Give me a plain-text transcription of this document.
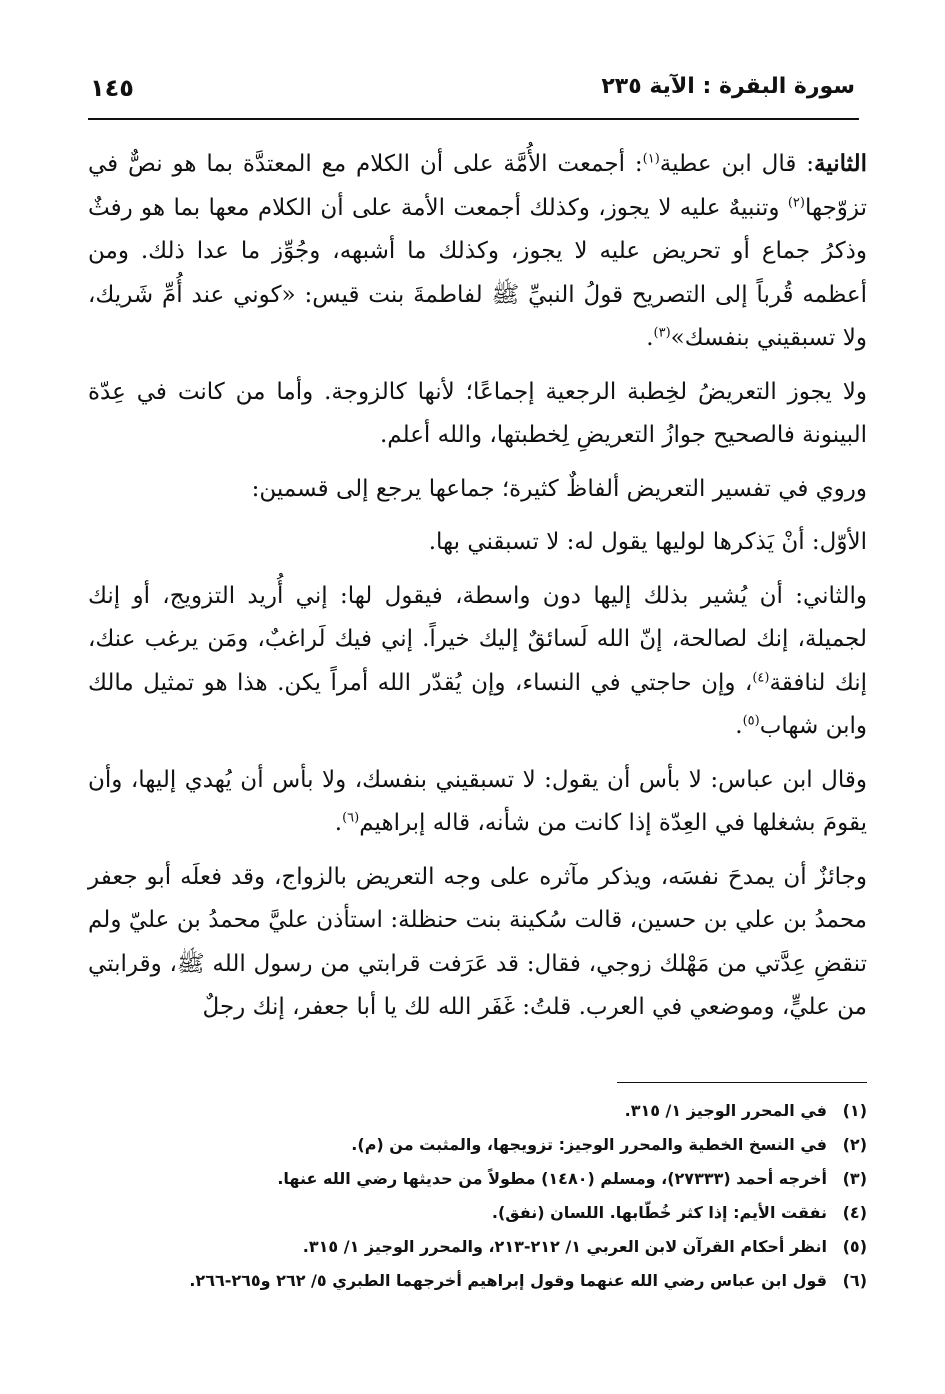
سورة البقرة : الآية ٢٣٥
١٤٥

الثانية: قال ابن عطية$^{(١)}$: أجمعت الأُمَّة على أن الكلام مع المعتدَّة بما هو نصٌّ في تزوّجها$^{(٢)}$ وتنبيهٌ عليه لا يجوز، وكذلك أجمعت الأمة على أن الكلام معها بما هو رفثٌ وذكرُ جماع أو تحريض عليه لا يجوز، وكذلك ما أشبهه، وجُوِّز ما عدا ذلك. ومن أعظمه قُرباً إلى التصريح قولُ النبيِّ ﷺ لفاطمةَ بنت قيس: «كوني عند أُمِّ شَريك، ولا تسبقيني بنفسك»$^{(٣)}$.

ولا يجوز التعريضُ لخِطبة الرجعية إجماعًا؛ لأنها كالزوجة. وأما من كانت في عِدّة البينونة فالصحيح جوازُ التعريضِ لِخطبتها، والله أعلم.

وروي في تفسير التعريض ألفاظٌ كثيرة؛ جماعها يرجع إلى قسمين:

الأوّل: أنْ يَذكرها لوليها يقول له: لا تسبقني بها.

والثاني: أن يُشير بذلك إليها دون واسطة، فيقول لها: إني أُريد التزويج، أو إنك لجميلة، إنك لصالحة، إنّ الله لَسائقٌ إليك خيراً. إني فيك لَراغبٌ، ومَن يرغب عنك، إنك لنافقة$^{(٤)}$، وإن حاجتي في النساء، وإن يُقدّر الله أمراً يكن. هذا هو تمثيل مالك وابن شهاب$^{(٥)}$.

وقال ابن عباس: لا بأس أن يقول: لا تسبقيني بنفسك، ولا بأس أن يُهدي إليها، وأن يقومَ بشغلها في العِدّة إذا كانت من شأنه، قاله إبراهيم$^{(٦)}$.

وجائزٌ أن يمدحَ نفسَه، ويذكر مآثره على وجه التعريض بالزواج، وقد فعلَه أبو جعفر محمدُ بن علي بن حسين، قالت سُكينة بنت حنظلة: استأذن عليَّ محمدُ بن عليّ ولم تنقضِ عِدَّتي من مَهْلك زوجي، فقال: قد عَرَفت قرابتي من رسول الله ﷺ، وقرابتي من عليٍّ، وموضعي في العرب. قلتُ: غَفَر الله لك يا أبا جعفر، إنك رجلٌ

(١)في المحرر الوجيز ١/ ٣١٥.
(٢)في النسخ الخطية والمحرر الوجيز: تزويجها، والمثبت من (م).
(٣)أخرجه أحمد (٢٧٣٣٣)، ومسلم (١٤٨٠) مطولاً من حديثها رضي الله عنها.
(٤)نفقت الأيم: إذا كثر خُطّابها. اللسان (نفق).
(٥)انظر أحكام القرآن لابن العربي ١/ ٢١٢-٢١٣، والمحرر الوجيز ١/ ٣١٥.
(٦)قول ابن عباس رضي الله عنهما وقول إبراهيم أخرجهما الطبري ٥/ ٢٦٢ و٢٦٥-٢٦٦.
